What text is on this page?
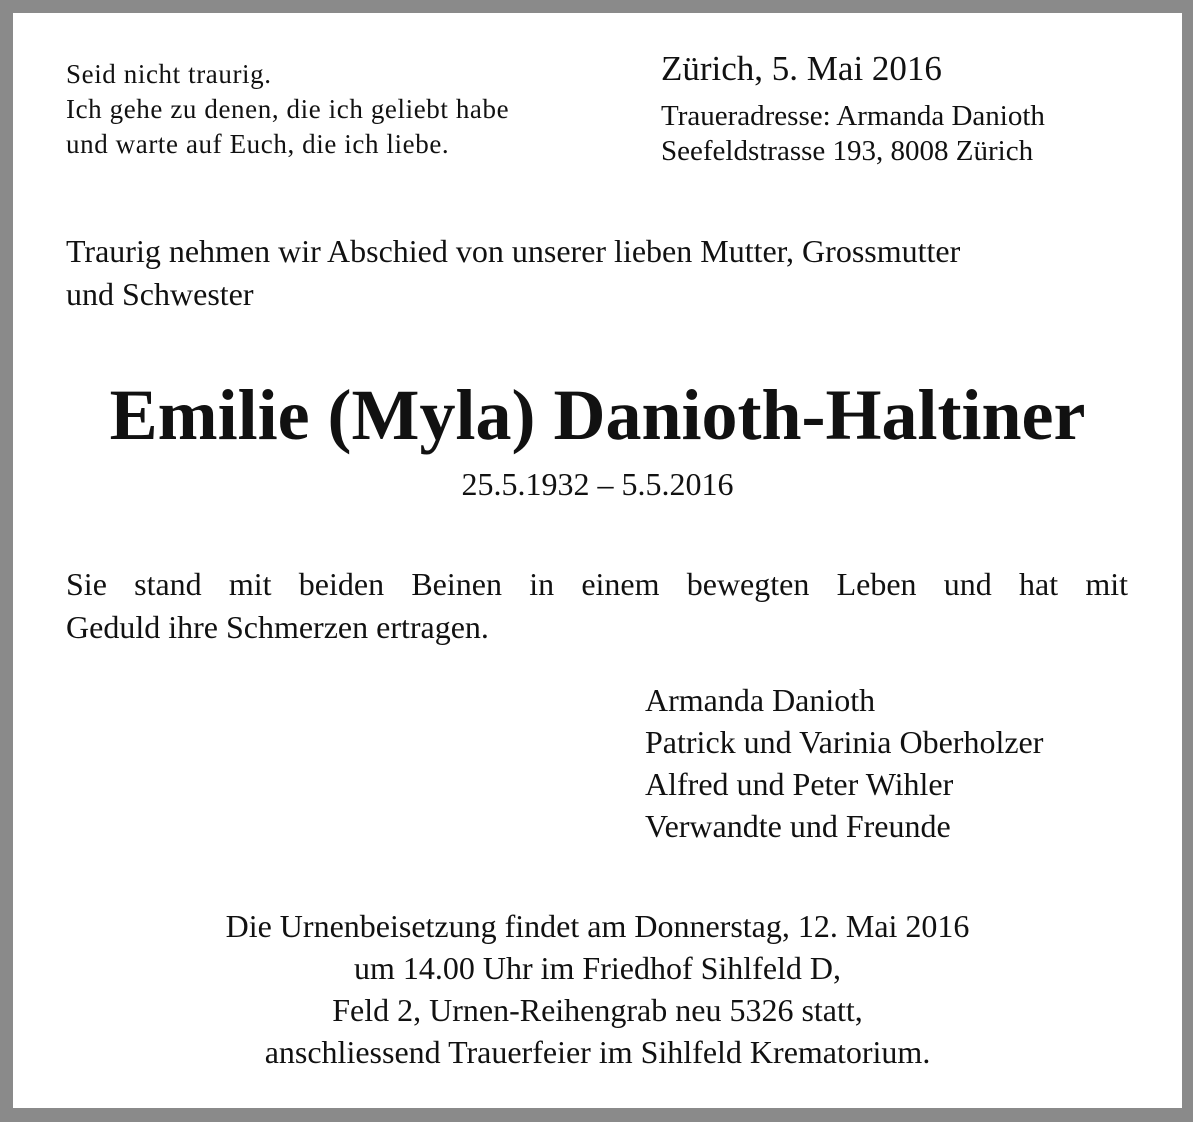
Seid nicht traurig.
Ich gehe zu denen, die ich geliebt habe
und warte auf Euch, die ich liebe.
Zürich, 5. Mai 2016
Traueradresse: Armanda Danioth
Seefeldstrasse 193, 8008 Zürich
Traurig nehmen wir Abschied von unserer lieben Mutter, Grossmutter
und Schwester
Emilie (Myla) Danioth-Haltiner
25.5.1932 – 5.5.2016
Sie stand mit beiden Beinen in einem bewegten Leben und hat mit
Geduld ihre Schmerzen ertragen.
Armanda Danioth
Patrick und Varinia Oberholzer
Alfred und Peter Wihler
Verwandte und Freunde
Die Urnenbeisetzung findet am Donnerstag, 12. Mai 2016
um 14.00 Uhr im Friedhof Sihlfeld D,
Feld 2, Urnen-Reihengrab neu 5326 statt,
anschliessend Trauerfeier im Sihlfeld Krematorium.
